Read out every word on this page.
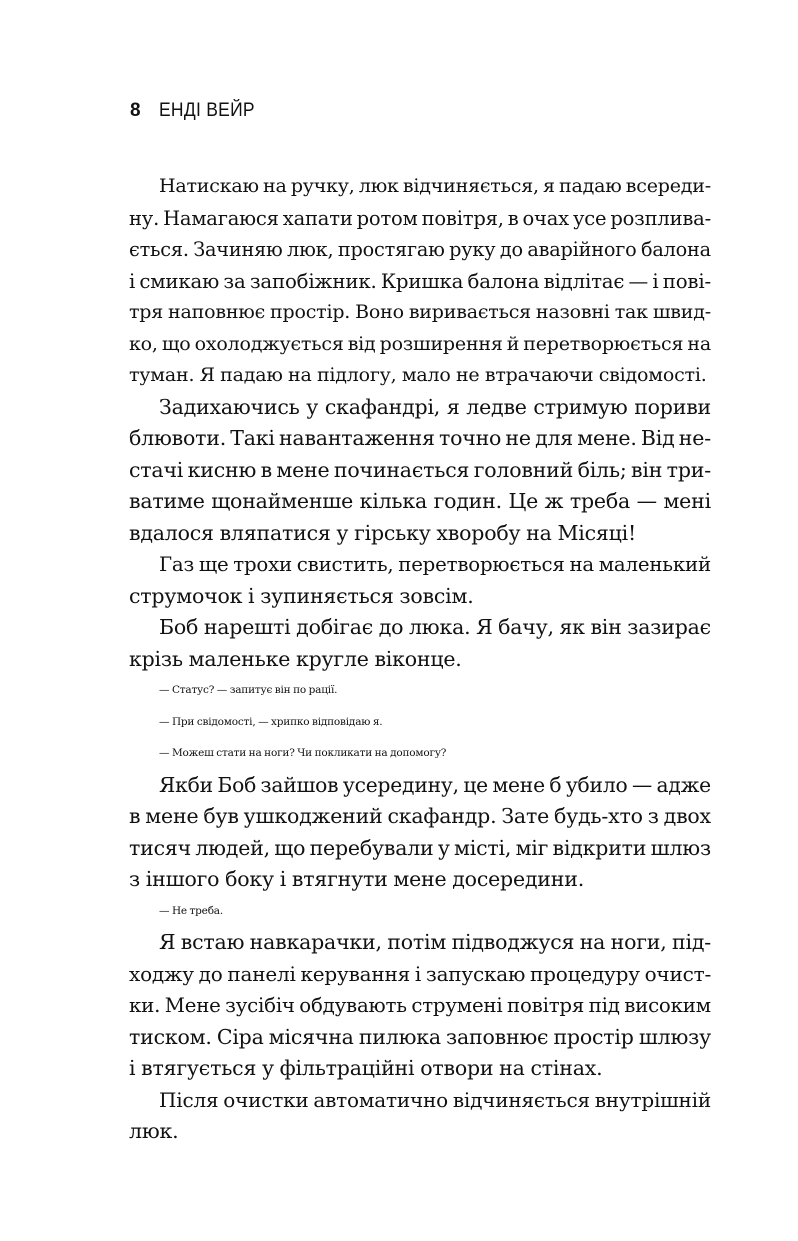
8 ЕНДІ ВЕЙР
Натискаю на ручку, люк відчиняється, я падаю всереди-
ну. Намагаюся хапати ротом повітря, в очах усе розплива-
ється. Зачиняю люк, простягаю руку до аварійного балона
і смикаю за запобіжник. Кришка балона відлітає — і пові-
тря наповнює простір. Воно виривається назовні так швид-
ко, що охолоджується від розширення й перетворюється на
туман. Я падаю на підлогу, мало не втрачаючи свідомості.
Задихаючись у скафандрі, я ледве стримую пориви
блювоти. Такі навантаження точно не для мене. Від не-
стачі кисню в мене починається головний біль; він три-
ватиме щонайменше кілька годин. Це ж треба — мені
вдалося вляпатися у гірську хворобу на Місяці!
Газ ще трохи свистить, перетворюється на маленький
струмочок і зупиняється зовсім.
Боб нарешті добігає до люка. Я бачу, як він зазирає
крізь маленьке кругле віконце.
— Статус? — запитує він по рації.
— При свідомості, — хрипко відповідаю я.
— Можеш стати на ноги? Чи покликати на допомогу?
Якби Боб зайшов усередину, це мене б убило — адже
в мене був ушкоджений скафандр. Зате будь-хто з двох
тисяч людей, що перебували у місті, міг відкрити шлюз
з іншого боку і втягнути мене досередини.
— Не треба.
Я встаю навкарачки, потім підводжуся на ноги, під-
ходжу до панелі керування і запускаю процедуру очист-
ки. Мене зусібіч обдувають струмені повітря під високим
тиском. Сіра місячна пилюка заповнює простір шлюзу
і втягується у фільтраційні отвори на стінах.
Після очистки автоматично відчиняється внутрішній
люк.
